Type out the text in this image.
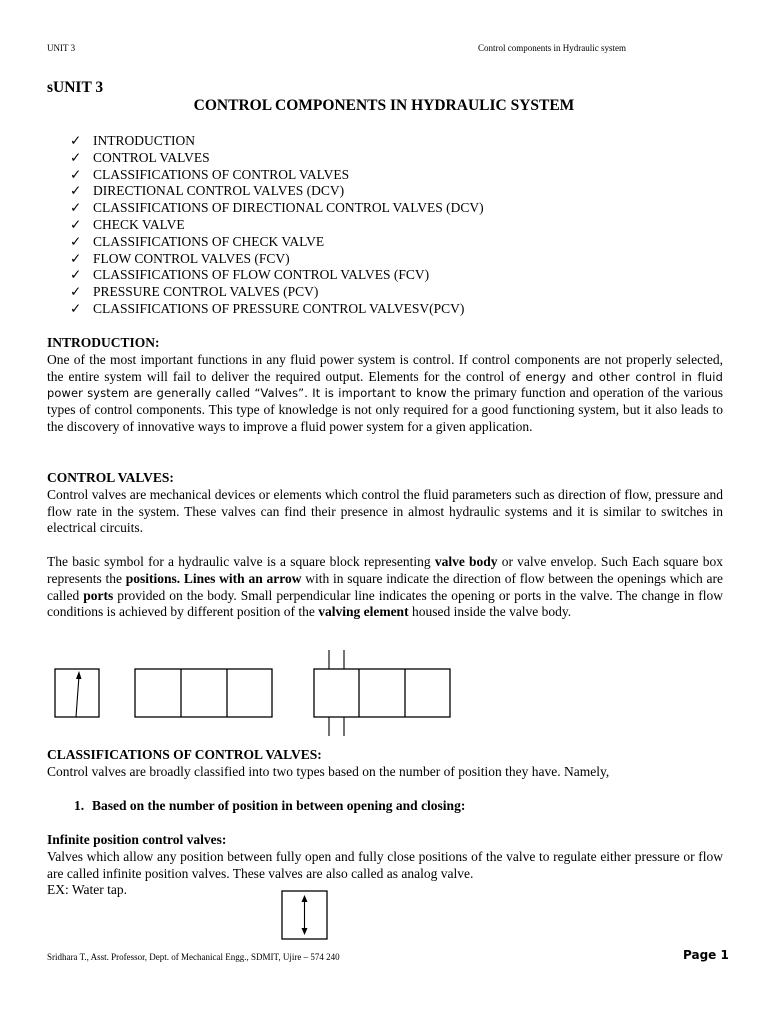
UNIT 3	Control components in Hydraulic system
sUNIT 3
CONTROL COMPONENTS IN HYDRAULIC SYSTEM
✓ INTRODUCTION
✓ CONTROL VALVES
✓ CLASSIFICATIONS OF CONTROL VALVES
✓ DIRECTIONAL CONTROL VALVES (DCV)
✓ CLASSIFICATIONS OF DIRECTIONAL CONTROL VALVES (DCV)
✓ CHECK VALVE
✓ CLASSIFICATIONS OF CHECK VALVE
✓ FLOW CONTROL VALVES (FCV)
✓ CLASSIFICATIONS OF FLOW CONTROL VALVES (FCV)
✓ PRESSURE CONTROL VALVES (PCV)
✓ CLASSIFICATIONS OF PRESSURE CONTROL VALVESV(PCV)
INTRODUCTION:

One of the most important functions in any fluid power system is control. If control components are not properly selected, the entire system will fail to deliver the required output. Elements for the control of energy and other control in fluid power system are generally called “Valves”. It is important to know the primary function and operation of the various types of control components. This type of knowledge is not only required for a good functioning system, but it also leads to the discovery of innovative ways to improve a fluid power system for a given application.

CONTROL VALVES:

Control valves are mechanical devices or elements which control the fluid parameters such as direction of flow, pressure and flow rate in the system. These valves can find their presence in almost hydraulic systems and it is similar to switches in electrical circuits.

The basic symbol for a hydraulic valve is a square block representing valve body or valve envelop. Such Each square box represents the positions. Lines with an arrow with in square indicate the direction of flow between the openings which are called ports provided on the body. Small perpendicular line indicates the opening or ports in the valve. The change in flow conditions is achieved by different position of the valving element housed inside the valve body.

CLASSIFICATIONS OF CONTROL VALVES:

Control valves are broadly classified into two types based on the number of position they have. Namely,

1. Based on the number of position in between opening and closing:
Infinite position control valves:

Valves which allow any position between fully open and fully close positions of the valve to regulate either pressure or flow are called infinite position valves. These valves are also called as analog valve.

EX: Water tap.

Sridhara T., Asst. Professor, Dept. of Mechanical Engg., SDMIT, Ujire – 574 240	Page 1
